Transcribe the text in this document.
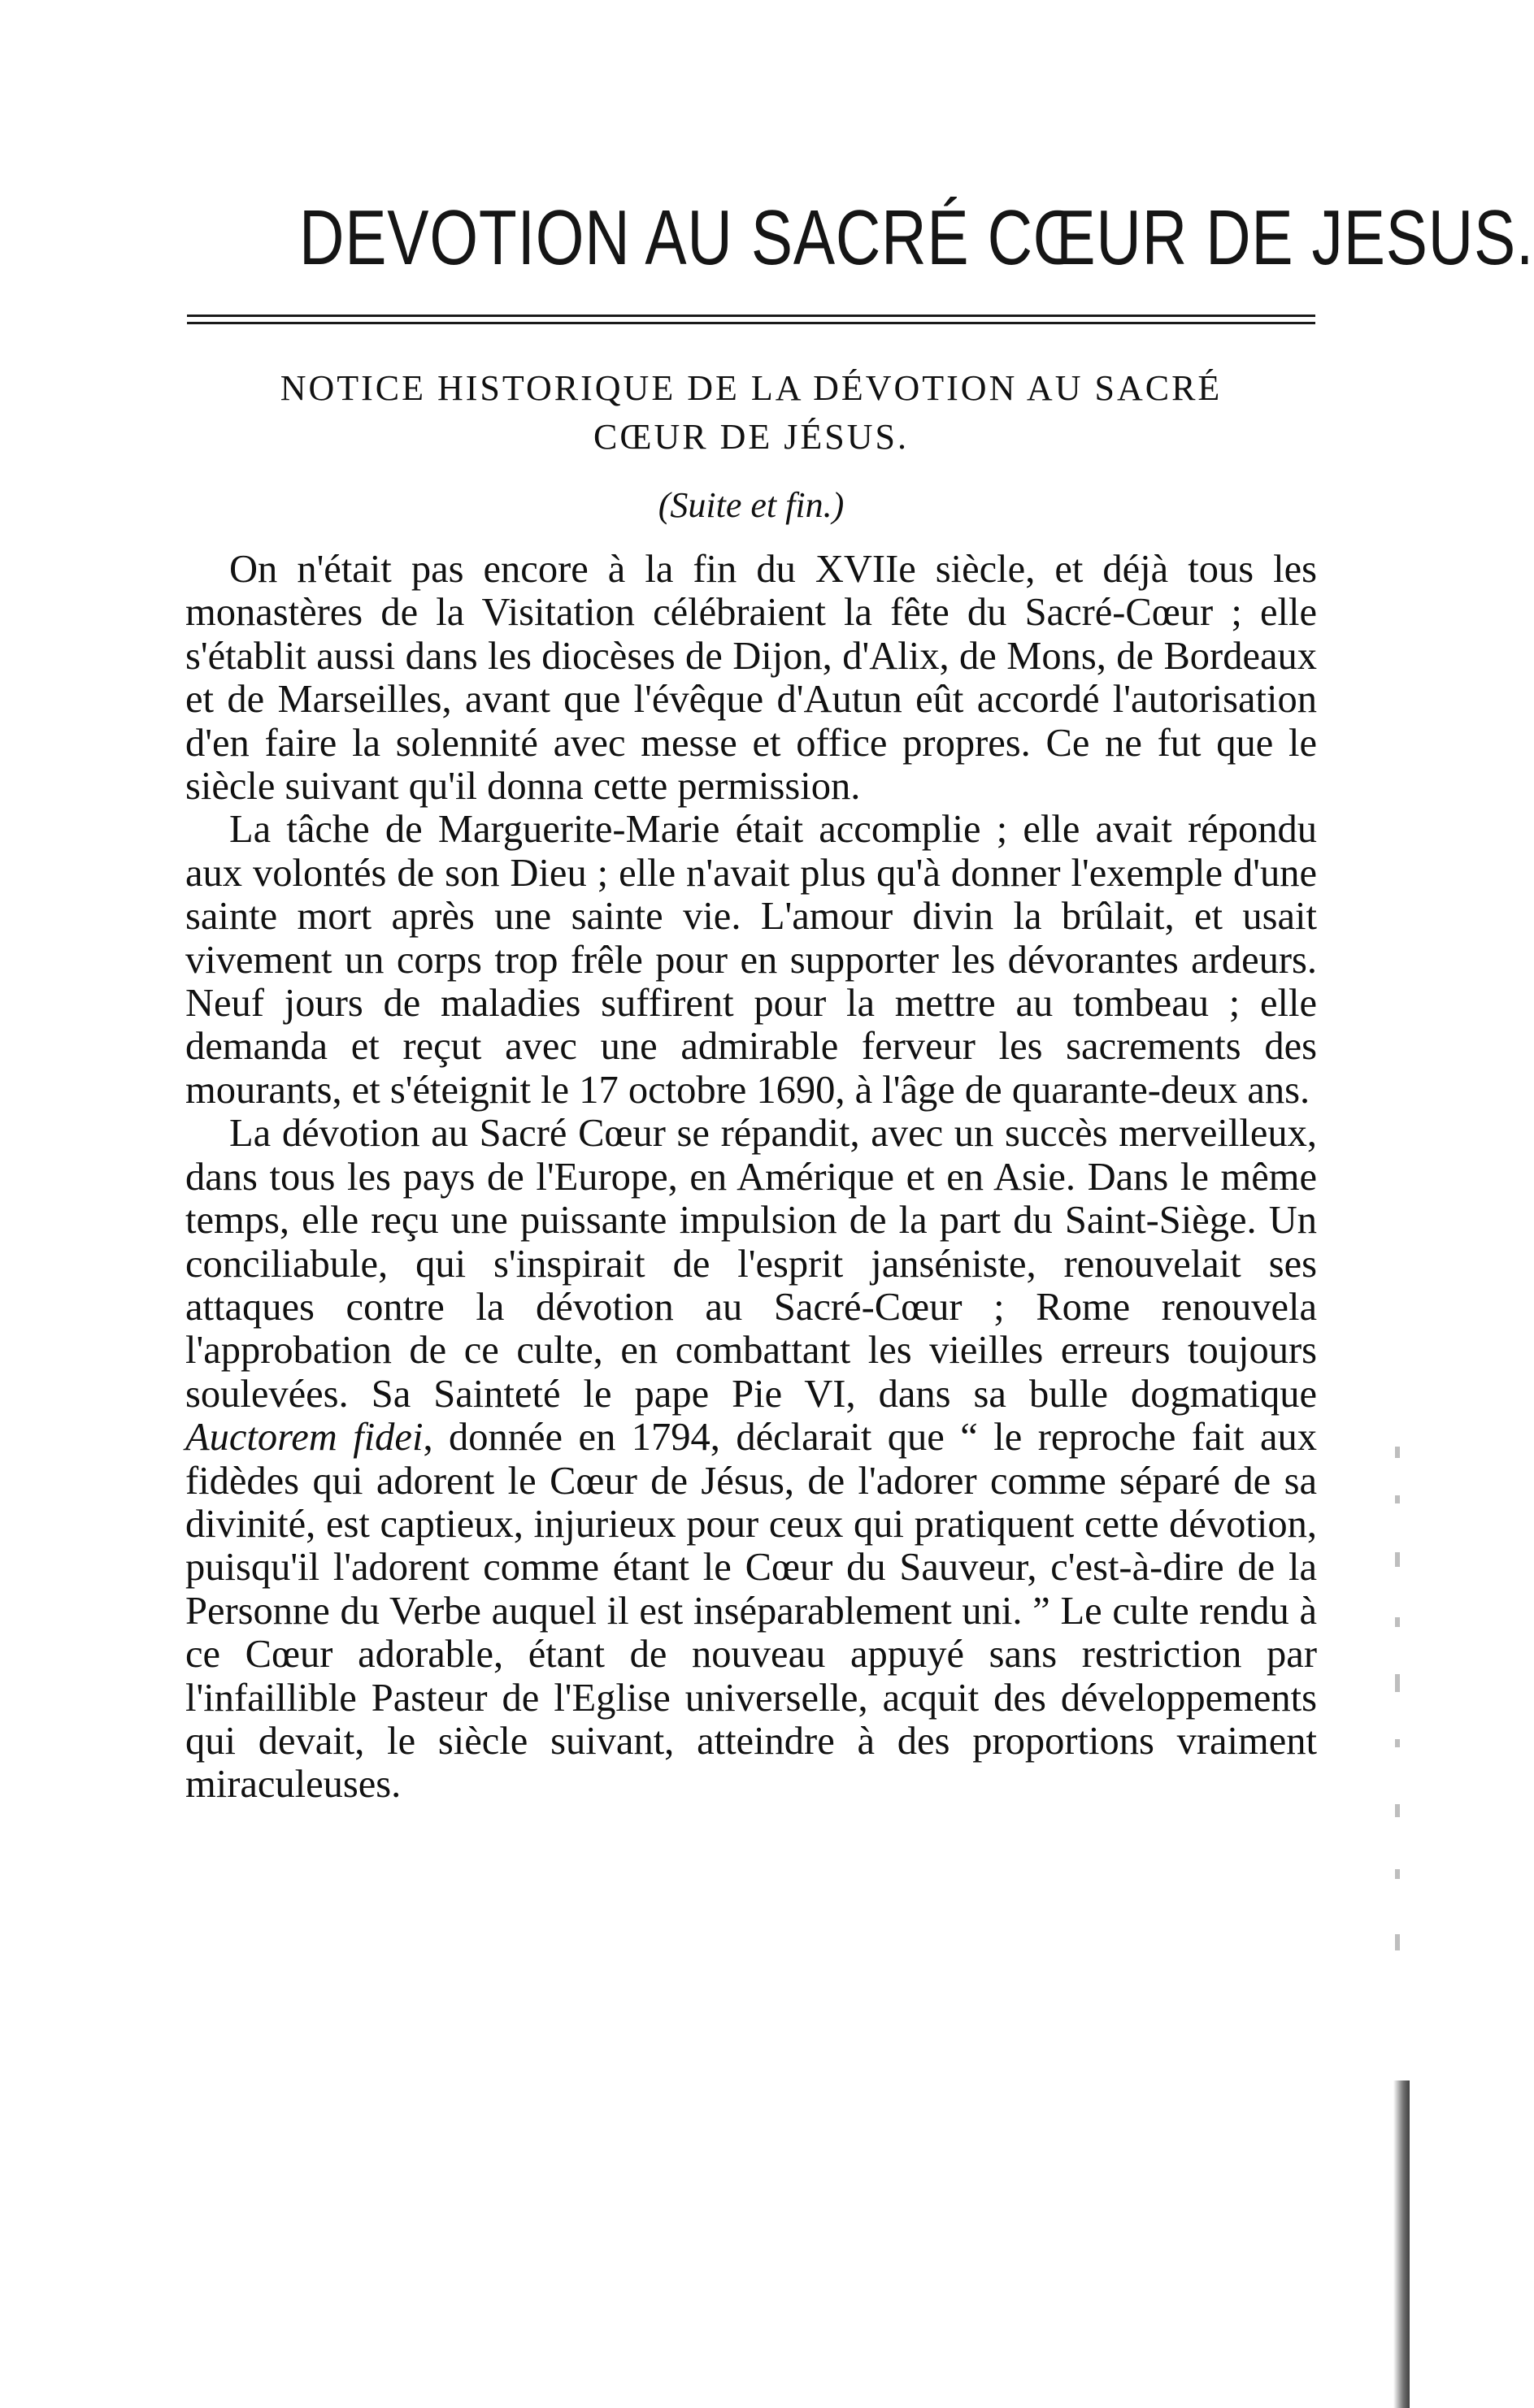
DEVOTION AU SACRÉ CŒUR DE JESUS.
NOTICE HISTORIQUE DE LA DÉVOTION AU SACRÉ
CŒUR DE JÉSUS.
(Suite et fin.)

On n'était pas encore à la fin du XVIIe siècle, et déjà tous les monastères de la Visitation célébraient la fête du Sacré-Cœur ; elle s'établit aussi dans les diocèses de Dijon, d'Alix, de Mons, de Bordeaux et de Marseilles, avant que l'évêque d'Autun eût accordé l'autorisation d'en faire la solennité avec messe et office propres. Ce ne fut que le siècle suivant qu'il donna cette permission.

La tâche de Marguerite-Marie était accomplie ; elle avait répondu aux volontés de son Dieu ; elle n'avait plus qu'à donner l'exemple d'une sainte mort après une sainte vie. L'amour divin la brûlait, et usait vivement un corps trop frêle pour en supporter les dévorantes ardeurs. Neuf jours de maladies suffirent pour la mettre au tombeau ; elle demanda et reçut avec une admirable ferveur les sacrements des mourants, et s'éteignit le 17 octobre 1690, à l'âge de quarante-deux ans.

La dévotion au Sacré Cœur se répandit, avec un succès merveilleux, dans tous les pays de l'Europe, en Amérique et en Asie. Dans le même temps, elle reçu une puissante impulsion de la part du Saint-Siège. Un conciliabule, qui s'inspirait de l'esprit janséniste, renouvelait ses attaques contre la dévotion au Sacré-Cœur ; Rome renouvela l'approbation de ce culte, en combattant les vieilles erreurs toujours soulevées. Sa Sainteté le pape Pie VI, dans sa bulle dogmatique Auctorem fidei, donnée en 1794, déclarait que “ le reproche fait aux fidèdes qui adorent le Cœur de Jésus, de l'adorer comme séparé de sa divinité, est captieux, injurieux pour ceux qui pratiquent cette dévotion, puisqu'il l'adorent comme étant le Cœur du Sauveur, c'est-à-dire de la Personne du Verbe auquel il est inséparablement uni. ” Le culte rendu à ce Cœur adorable, étant de nouveau appuyé sans restriction par l'infaillible Pasteur de l'Eglise universelle, acquit des développements qui devait, le siècle suivant, atteindre à des proportions vraiment miraculeuses.
